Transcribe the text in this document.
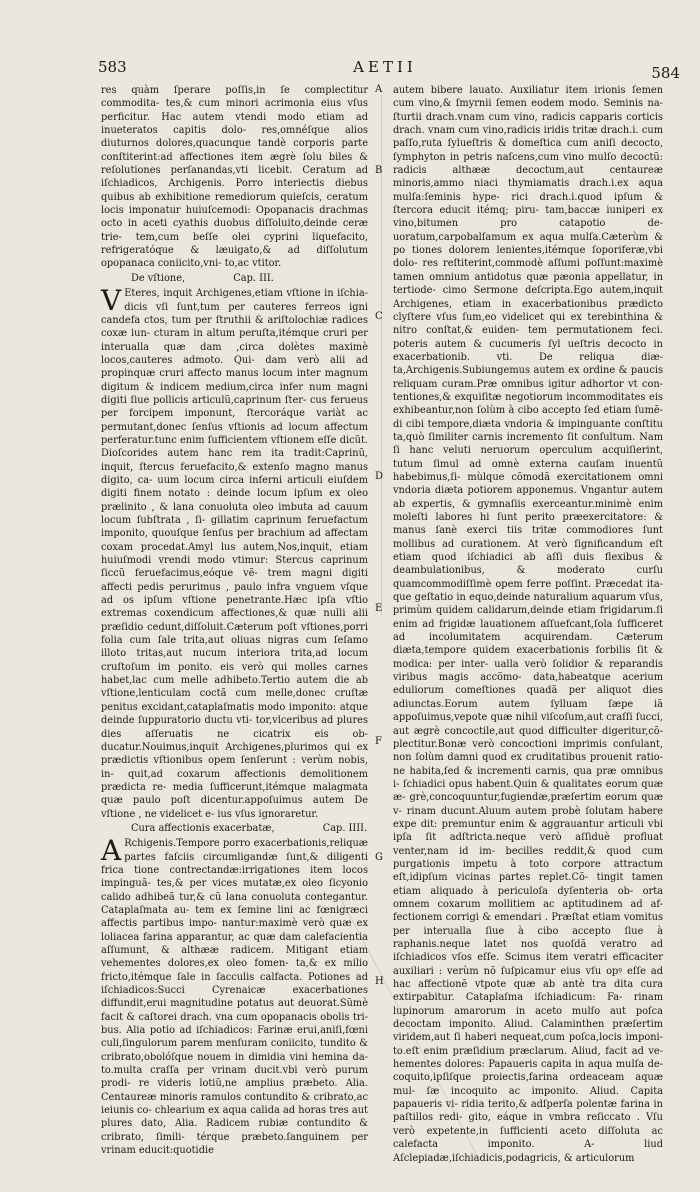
583	AETII	584
A
B
C
D
E
F
G
H

res quàm ſperare poſſis,in ſe complectitur commodita- tes,& cum minori acrimonia eius vſus perficitur. Hac autem vtendi modo etiam ad inueteratos capitis dolo- res,omnéſque alios diuturnos dolores,quacunque tandè corporis parte conſtiterint:ad affectiones item ægrè ſolu biles & reſolutiones perſanandas,vti licebit. Ceratum ad iſchiadicos, Archigenis. Porro interiectis diebus quibus ab exhibitione remediorum quieſcis, ceratum locis imponatur huiuſcemodi: Opopanacis drachmas octo in aceti cyathis duobus diſſoluito,deinde ceræ trie- tem,cum beſſe olei cyprini liquefacito, refrigeratóque & læuigato,& ad diſſolutum opopanaca coniicito,vni- to,ac vtitor.

De vſtione,	Cap. III.

V Eteres, inquit Archigenes,etiam vſtione in iſchia- dicis vſi ſunt,tum per cauteres ferreos igni candefa ctos, tum per ſtruthii & ariſtolochiæ radices coxæ iun- cturam in altum peruſta,itémque cruri per interualla quæ dam ,circa dolètes maximè locos,cauteres admoto. Qui- dam verò alii ad propinquæ cruri affecto manus locum inter magnum digitum & indicem medium,circa infer num magni digiti ſiue pollicis articulũ,caprinum ſter- cus ferueus per forcipem imponunt, ſtercoráque variàt ac permutant,donec ſenſus vſtionis ad locum affectum perferatur.tunc enim ſufficientem vſtionem eſſe dicũt. Dioſcorides autem hanc rem ita tradit:Caprinũ, inquit, ſtercus feruefacito,& extenſo magno manus digito, ca- uum locum circa inferni articuli eiuſdem digiti finem notato : deinde locum ipſum ex oleo prælinito , & lana conuoluta oleo imbuta ad cauum locum ſubſtrata , ſi- gillatim caprinum feruefactum imponito, quouſque ſenſus per brachium ad affectam coxam procedat.Amyl lus autem,Nos,inquit, etiam huiuſmodi vrendi modo vtimur: Stercus caprinum ſiccũ feruefacimus,eóque vẽ- trem magni digiti affecti pedis perurimus , paulo infra vnguem vſque ad os ipſum vſtione penetrante.Hæc ipſa vſtio extremas coxendicum affectiones,& quæ nulli alii præſidio cedunt,diſſoluit.Cæterum poſt vſtiones,porri folia cum ſale trita,aut oliuas nigras cum ſeſamo illoto tritas,aut nucum interiora trita,ad locum cruſtoſum im ponito. eis verò qui molles carnes habet,lac cum melle adhibeto.Tertio autem die ab vſtione,lenticulam coctã cum melle,donec cruſtæ penitus excidant,cataplaſmatis modo imponito: atque deinde ſuppuratorio ductu vti- tor,vlceribus ad plures dies aſſeruatis ne cicatrix eis ob- ducatur.Nouimus,inquit Archigenes,plurimos qui ex prædictis vſtionibus opem ſenſerunt : verùm nobis, in- quit,ad coxarum affectionis demolitionem prædicta re- media ſufficerunt,itémque malagmata quæ paulo poſt dicentur.appoſuimus autem De vſtione , ne videlicet e- ius vſus ignoraretur.

Cura affectionis exacerbatæ,	Cap. IIII.

A Rchigenis.Tempore porro exacerbationis,reliquæ partes faſciis circumligandæ ſunt,& diligenti frica tione contrectandæ:irrigationes item locos impinguã- tes,& per vices mutatæ,ex oleo ſicyonio calido adhibeã tur,& cũ lana conuoluta contegantur. Cataplaſmata au- tem ex ſemine lini ac fœnigræci affectis partibus impo- nantur:maximè verò quæ ex loliacea farina apparantur, ac quæ dam calefacientia aſſumunt, & althææ radicem. Mitigant etiam vehementes dolores,ex oleo fomen- ta,& ex milio fricto,itémque ſale in ſacculis calfacta. Potiones ad iſchiadicos:Succi Cyrenaicæ exacerbationes diffundit,erui magnitudine potatus aut deuorat.Sũmè facit & caſtorei drach. vna cum opopanacis obolis tri- bus. Alia potio ad iſchiadicos: Farinæ erui,aniſi,fœni culi,ſingulorum parem menſuram coniicito, tundito & cribrato,obolóſque nouem in dimidia vini hemina da- to.multa craſſa per vrinam ducit.vbi verò purum prodi- re videris lotiũ,ne amplius præbeto. Alia. Centaureæ minoris ramulos contundito & cribrato,ac ieiunis co- chlearium ex aqua calida ad horas tres aut plures dato, Alia. Radicem rubiæ contundito & cribrato, ſimili- térque præbeto.ſanguinem per vrinam educit:quotidie

autem bibere lauato. Auxiliatur item irionis ſemen cum vino,& ſmyrnii ſemen eodem modo. Seminis na- ſturtii drach.vnam cum vino, radicis capparis corticis drach. vnam cum vino,radicis iridis tritæ drach.i. cum paſſo,ruta ſylueſtris & domeſtica cum aniſi decocto, ſymphyton in petris naſcens,cum vino mulſo decoctũ: radicis althææ decoctum,aut centaureæ minoris,ammo niaci thymiamatis drach.i.ex aqua mulſa:ſeminis hype- rici drach.i.quod ipſum & ſtercora educit itémq; piru- tam,baccæ iuniperi ex vino,bitumen pro catapotio de- uoratum,carpobalſamum ex aqua mulſa.Cæterùm & po tiones dolorem lenientes,itémque ſoporiferæ,vbi dolo- res reſtiterint,commodè aſſumi poſſunt:maximè tamen omnium antidotus quæ pæonia appellatur, in tertiode- cimo Sermone deſcripta.Ego autem,inquit Archigenes, etiam in exacerbationibus prædicto clyſtere vſus ſum,eo videlicet qui ex terebinthina & nitro conſtat,& euiden- tem permutationem feci. poteris autem & cucumeris ſyl ueſtris decocto in exacerbationib. vti. De reliqua diæ- ta,Archigenis.Subiungemus autem ex ordine & paucis reliquam curam.Præ omnibus igitur adhortor vt con- tentiones,& exquiſitæ negotiorum incommoditates eis exhibeantur,non ſolùm à cibo accepto ſed etiam ſumẽ- di cibi tempore,diæta vndoria & impinguante conſtitu ta,quò ſimiliter carnis incremento ſit conſultum. Nam ſi hanc veluti neruorum operculum acquiſierint, tutum ſimul ad omnè externa cauſam inuentũ habebimus,ſi- mùlque cõmodã exercitationem omni vndoria diæta potiorem apponemus. Vngantur autem ab expertis, & gymnaſiis exerceantur.minimè enim moleſti labores hi ſunt perito præexercitatore: & manus ſanè exerci tiis tritæ commodiores ſunt mollibus ad curationem. At verò ſignificandum eſt etiam quod iſchiadici ab aſſi duis flexibus & deambulationibus, & moderato curſu quamcommodiſſimè opem ferre poſſint. Præcedat ita- que geſtatio in equo,deinde naturalium aquarum vſus, primùm quidem calidarum,deinde etiam frigidarum.ſi enim ad frigidæ lauationem aſſuefcant,ſola ſufficeret ad incolumitatem acquirendam. Cæterum diæta,tempore quidem exacerbationis forbilis ſit & modica: per inter- ualla verò ſolidior & reparandis viribus magis accõmo- data,habeatque acerium eduliorum comeſtiones quadã per aliquot dies adiunctas.Eorum autem ſylluam ſæpe iã appoſuimus,vepote quæ nihil viſcoſum,aut craſſi ſucci, aut ægrè concoctile,aut quod difficulter digeritur,cõ- plectitur.Bonæ verò concoctioni imprimis conſulant, non ſolùm damni quod ex cruditatibus prouenit ratio- ne habita,ſed & incrementi carnis, qua præ omnibus i- ſchiadici opus habent.Quin & qualitates eorum quæ æ- grè,concoquuntur,fugiendæ,præſertim eorum quæ v- rinam ducunt.Aluum autem probè ſolutam habere expe dit: premuntur enim & aggrauantur articuli vbi ipſa ſit adſtricta.neque verò aſſiduè profluat venter,nam id im- becilles reddit,& quod cum purgationis impetu à toto corpore attractum eſt,idipſum vicinas partes replet.Cõ- tingit tamen etiam aliquado à periculoſa dyſenteria ob- orta omnem coxarum mollitiem ac aptitudinem ad af- fectionem corrigi & emendari . Præſtat etiam vomitus per interualla ſiue à cibo accepto ſiue à raphanis.neque latet nos quoſdã veratro ad iſchiadicos vſos eſſe. Scimus item veratri efficaciter auxiliari : verùm nõ ſuſpicamur eius vſu opꝰ eſſe ad hac affectionẽ vtpote quæ ab antè tra dita cura extirpabitur. Cataplaſma iſchiadicum: Fa- rinam lupinorum amarorum in aceto mulſo aut poſca decoctam imponito. Aliud. Calaminthen præſertim viridem,aut ſi haberi nequeat,cum poſca,locis imponi- to.eſt enim præſidium præclarum. Aliud, facit ad ve- hementes dolores: Papaueris capita in aqua mulſa de- coquito,ipſiſque proiectis,farina ordeaceam aquæ mul- ſæ incoquito ac imponito. Aliud. Capita papaueris vi- ridia terito,& adſperſa polentæ farina in paſtillos redi- gito, eáque in vmbra reſiccato . Vſu verò expetente,in ſufficienti aceto diſſoluta ac calefacta imponito. A- liud Aſclepiadæ,iſchiadicis,podagricis, & articulorum
